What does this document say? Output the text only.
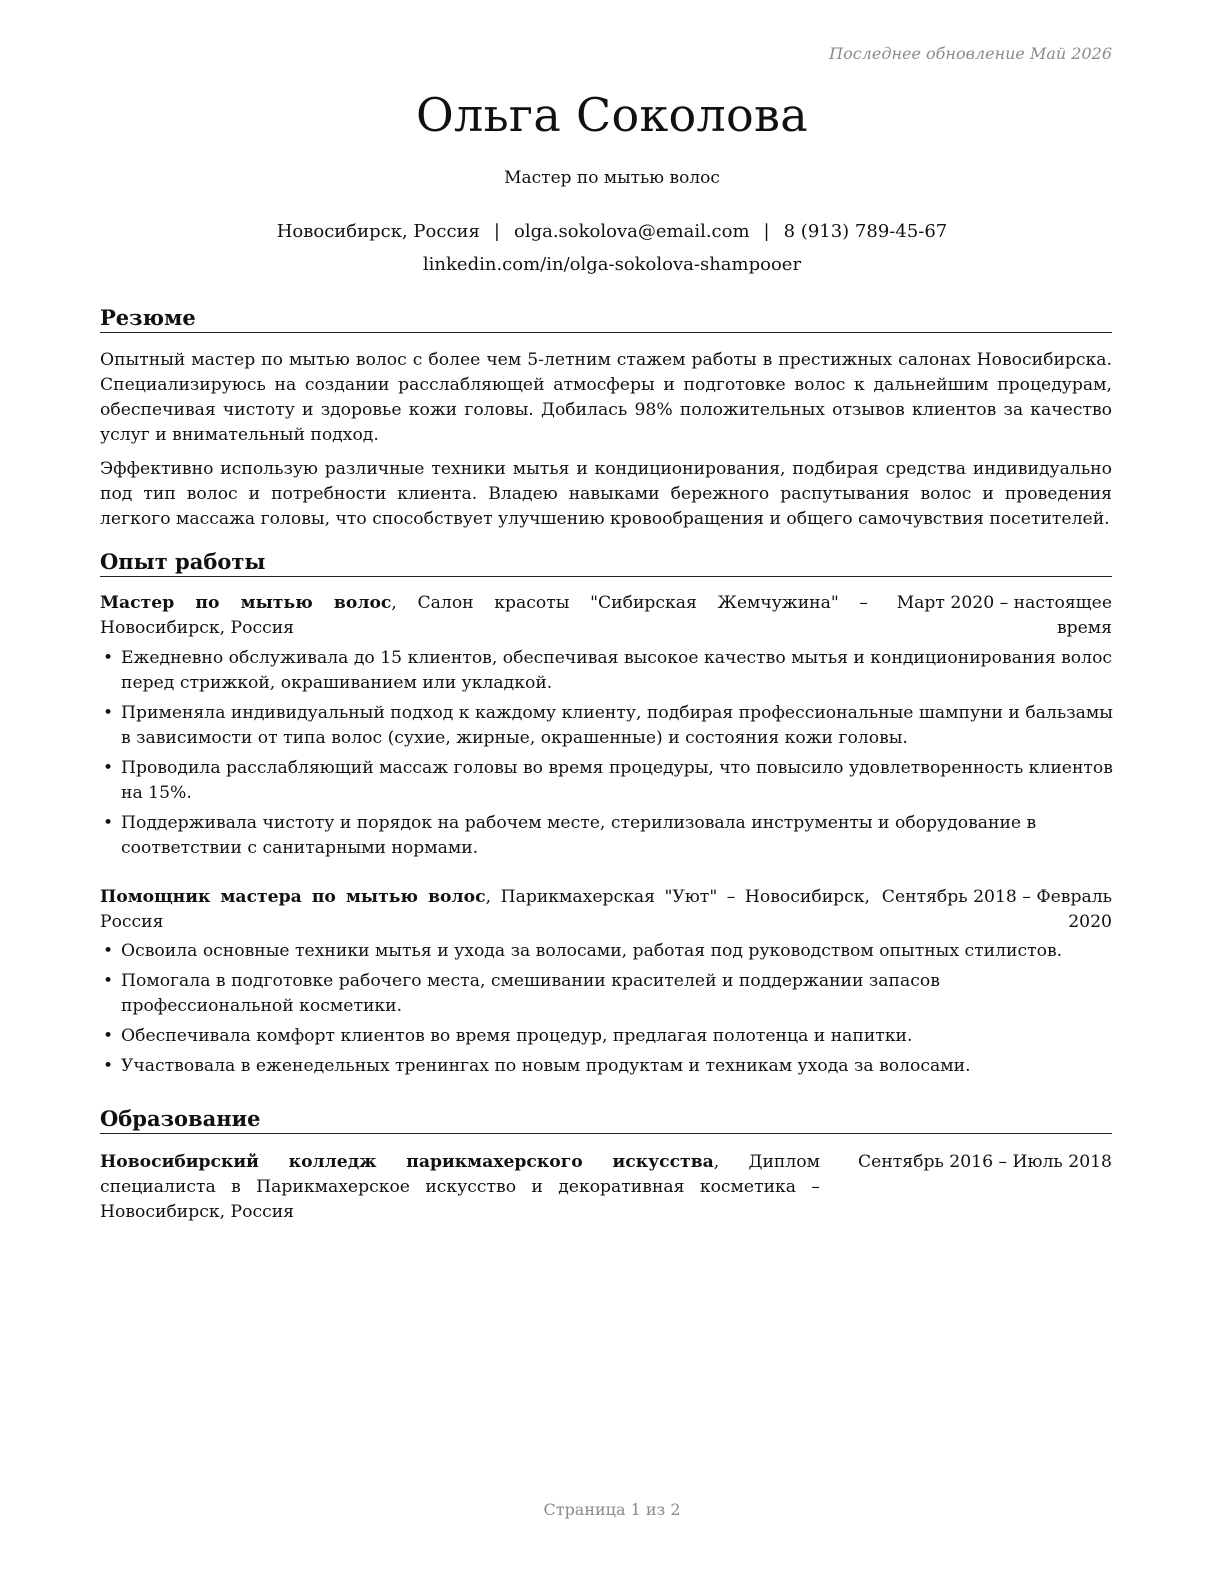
Последнее обновление Май 2026
Ольга Соколова
Мастер по мытью волос
Новосибирск, Россия | olga.sokolova@email.com | 8 (913) 789-45-67
linkedin.com/in/olga-sokolova-shampooer
Резюме

Опытный мастер по мытью волос с более чем 5-летним стажем работы в престижных салонах Новосибирска. Специализируюсь на создании расслабляющей атмосферы и подготовке волос к дальнейшим процедурам, обеспечивая чистоту и здоровье кожи головы. Добилась 98% положительных отзывов клиентов за качество услуг и внимательный подход.

Эффективно использую различные техники мытья и кондиционирования, подбирая средства индивидуально под тип волос и потребности клиента. Владею навыками бережного распутывания волос и проведения легкого массажа головы, что способствует улучшению кровообращения и общего самочувствия посетителей.

Опыт работы
Мастер по мытью волос, Салон красоты "Сибирская Жемчужина" – Новосибирск, Россия
Март 2020 – настоящее время
• Ежедневно обслуживала до 15 клиентов, обеспечивая высокое качество мытья и кондиционирования волос перед стрижкой, окрашиванием или укладкой.
• Применяла индивидуальный подход к каждому клиенту, подбирая профессиональные шампуни и бальзамы в зависимости от типа волос (сухие, жирные, окрашенные) и состояния кожи головы.
• Проводила расслабляющий массаж головы во время процедуры, что повысило удовлетворенность клиентов на 15%.
• Поддерживала чистоту и порядок на рабочем месте, стерилизовала инструменты и оборудование в соответствии с санитарными нормами.
Помощник мастера по мытью волос, Парикмахерская "Уют" – Новосибирск, Россия
Сентябрь 2018 – Февраль 2020
• Освоила основные техники мытья и ухода за волосами, работая под руководством опытных стилистов.
• Помогала в подготовке рабочего места, смешивании красителей и поддержании запасов профессиональной косметики.
• Обеспечивала комфорт клиентов во время процедур, предлагая полотенца и напитки.
• Участвовала в еженедельных тренингах по новым продуктам и техникам ухода за волосами.
Образование
Новосибирский колледж парикмахерского искусства, Диплом специалиста в Парикмахерское искусство и декоративная косметика – Новосибирск, Россия
Сентябрь 2016 – Июль 2018
Страница 1 из 2
